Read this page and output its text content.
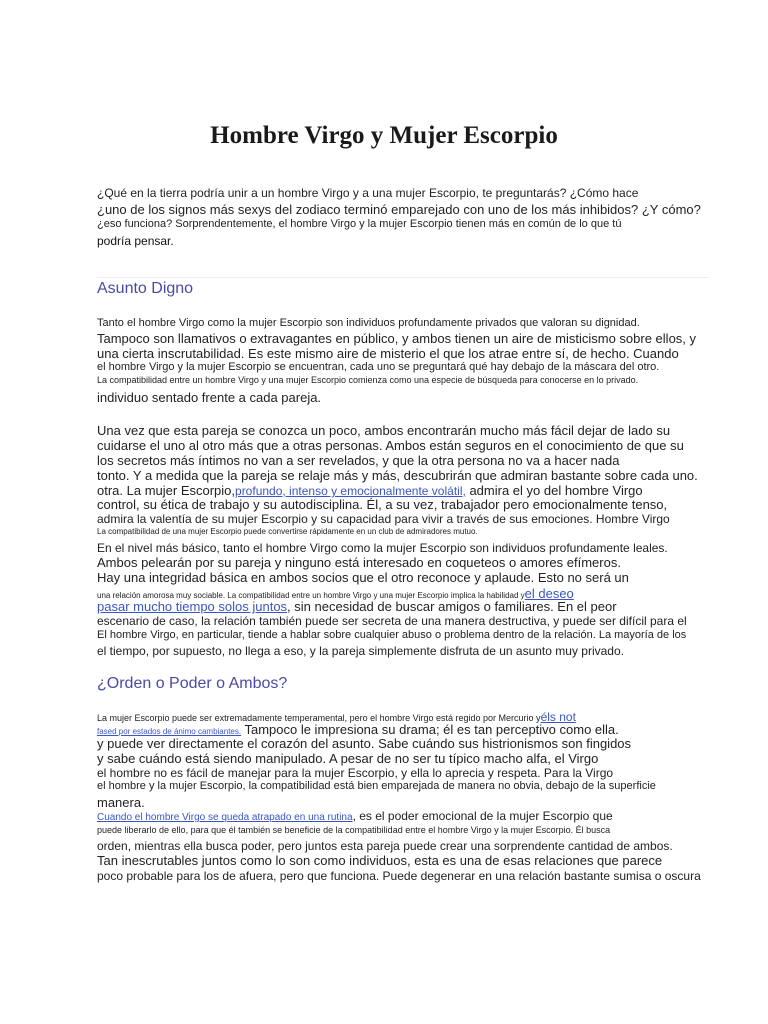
Hombre Virgo y Mujer Escorpio
¿Qué en la tierra podría unir a un hombre Virgo y a una mujer Escorpio, te preguntarás? ¿Cómo hace
¿uno de los signos más sexys del zodiaco terminó emparejado con uno de los más inhibidos? ¿Y cómo?
¿eso funciona? Sorprendentemente, el hombre Virgo y la mujer Escorpio tienen más en común de lo que tú
podría pensar.
Asunto Digno
Tanto el hombre Virgo como la mujer Escorpio son individuos profundamente privados que valoran su dignidad.
Tampoco son llamativos o extravagantes en público, y ambos tienen un aire de misticismo sobre ellos, y
una cierta inscrutabilidad. Es este mismo aire de misterio el que los atrae entre sí, de hecho. Cuando
el hombre Virgo y la mujer Escorpio se encuentran, cada uno se preguntará qué hay debajo de la máscara del otro.
La compatibilidad entre un hombre Virgo y una mujer Escorpio comienza como una especie de búsqueda para conocerse en lo privado.
individuo sentado frente a cada pareja.
Una vez que esta pareja se conozca un poco, ambos encontrarán mucho más fácil dejar de lado su
cuidarse el uno al otro más que a otras personas. Ambos están seguros en el conocimiento de que su
los secretos más íntimos no van a ser revelados, y que la otra persona no va a hacer nada
tonto. Y a medida que la pareja se relaje más y más, descubrirán que admiran bastante sobre cada uno.
otra. La mujer Escorpio,profundo, intenso y emocionalmente volátil, admira el yo del hombre Virgo
control, su ética de trabajo y su autodisciplina. Él, a su vez, trabajador pero emocionalmente tenso,
admira la valentía de su mujer Escorpio y su capacidad para vivir a través de sus emociones. Hombre Virgo
La compatibilidad de una mujer Escorpio puede convertirse rápidamente en un club de admiradores mutuo.
En el nivel más básico, tanto el hombre Virgo como la mujer Escorpio son individuos profundamente leales.
Ambos pelearán por su pareja y ninguno está interesado en coqueteos o amores efímeros.
Hay una integridad básica en ambos socios que el otro reconoce y aplaude. Esto no será un
una relación amorosa muy sociable. La compatibilidad entre un hombre Virgo y una mujer Escorpio implica la habilidad yel deseo
pasar mucho tiempo solos juntos, sin necesidad de buscar amigos o familiares. En el peor
escenario de caso, la relación también puede ser secreta de una manera destructiva, y puede ser difícil para el
El hombre Virgo, en particular, tiende a hablar sobre cualquier abuso o problema dentro de la relación. La mayoría de los
el tiempo, por supuesto, no llega a eso, y la pareja simplemente disfruta de un asunto muy privado.
¿Orden o Poder o Ambos?
La mujer Escorpio puede ser extremadamente temperamental, pero el hombre Virgo está regido por Mercurio yéls not
fased por estados de ánimo cambiantes. Tampoco le impresiona su drama; él es tan perceptivo como ella.
y puede ver directamente el corazón del asunto. Sabe cuándo sus histrionismos son fingidos
y sabe cuándo está siendo manipulado. A pesar de no ser tu típico macho alfa, el Virgo
el hombre no es fácil de manejar para la mujer Escorpio, y ella lo aprecia y respeta. Para la Virgo
el hombre y la mujer Escorpio, la compatibilidad está bien emparejada de manera no obvia, debajo de la superficie
manera.
Cuando el hombre Virgo se queda atrapado en una rutina, es el poder emocional de la mujer Escorpio que
puede liberarlo de ello, para que él también se beneficie de la compatibilidad entre el hombre Virgo y la mujer Escorpio. Él busca
orden, mientras ella busca poder, pero juntos esta pareja puede crear una sorprendente cantidad de ambos.
Tan inescrutables juntos como lo son como individuos, esta es una de esas relaciones que parece
poco probable para los de afuera, pero que funciona. Puede degenerar en una relación bastante sumisa o oscura
